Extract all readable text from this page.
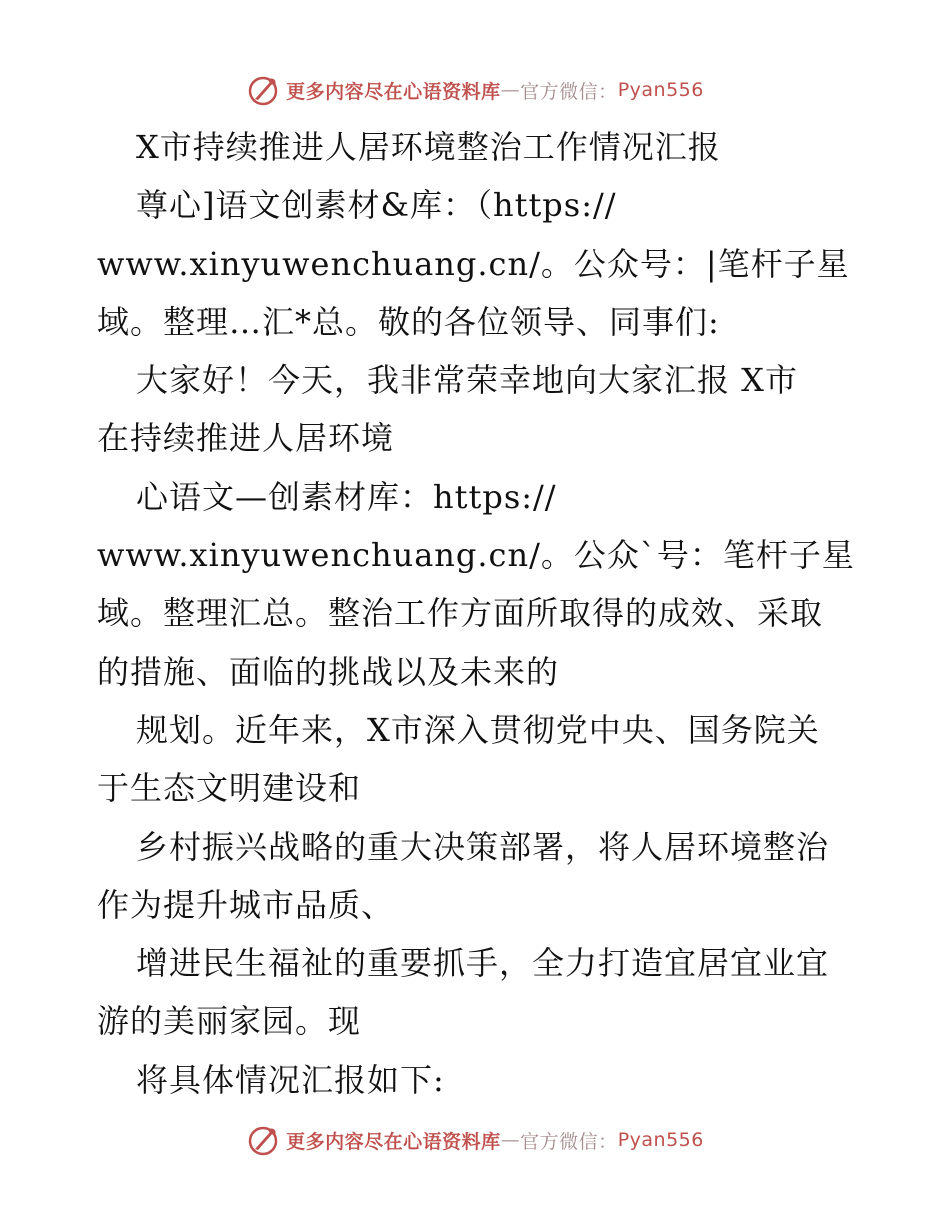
更多内容尽在心语资料库 — 官方微信： Pyan556
X市持续推进人居环境整治工作情况汇报
尊心]语文创素材&库：（https://
www.xinyuwenchuang.cn/。公众号：|笔杆子星
域。整理…汇*总。敬的各位领导、同事们:
大家好！今天，我非常荣幸地向大家汇报 X市
在持续推进人居环境
心语文—创素材库：https://
www.xinyuwenchuang.cn/。公众`号：笔杆子星
域。整理汇总。整治工作方面所取得的成效、采取
的措施、面临的挑战以及未来的
规划。近年来，X市深入贯彻党中央、国务院关
于生态文明建设和
乡村振兴战略的重大决策部署，将人居环境整治
作为提升城市品质、
增进民生福祉的重要抓手，全力打造宜居宜业宜
游的美丽家园。现
将具体情况汇报如下:
更多内容尽在心语资料库 — 官方微信： Pyan556
